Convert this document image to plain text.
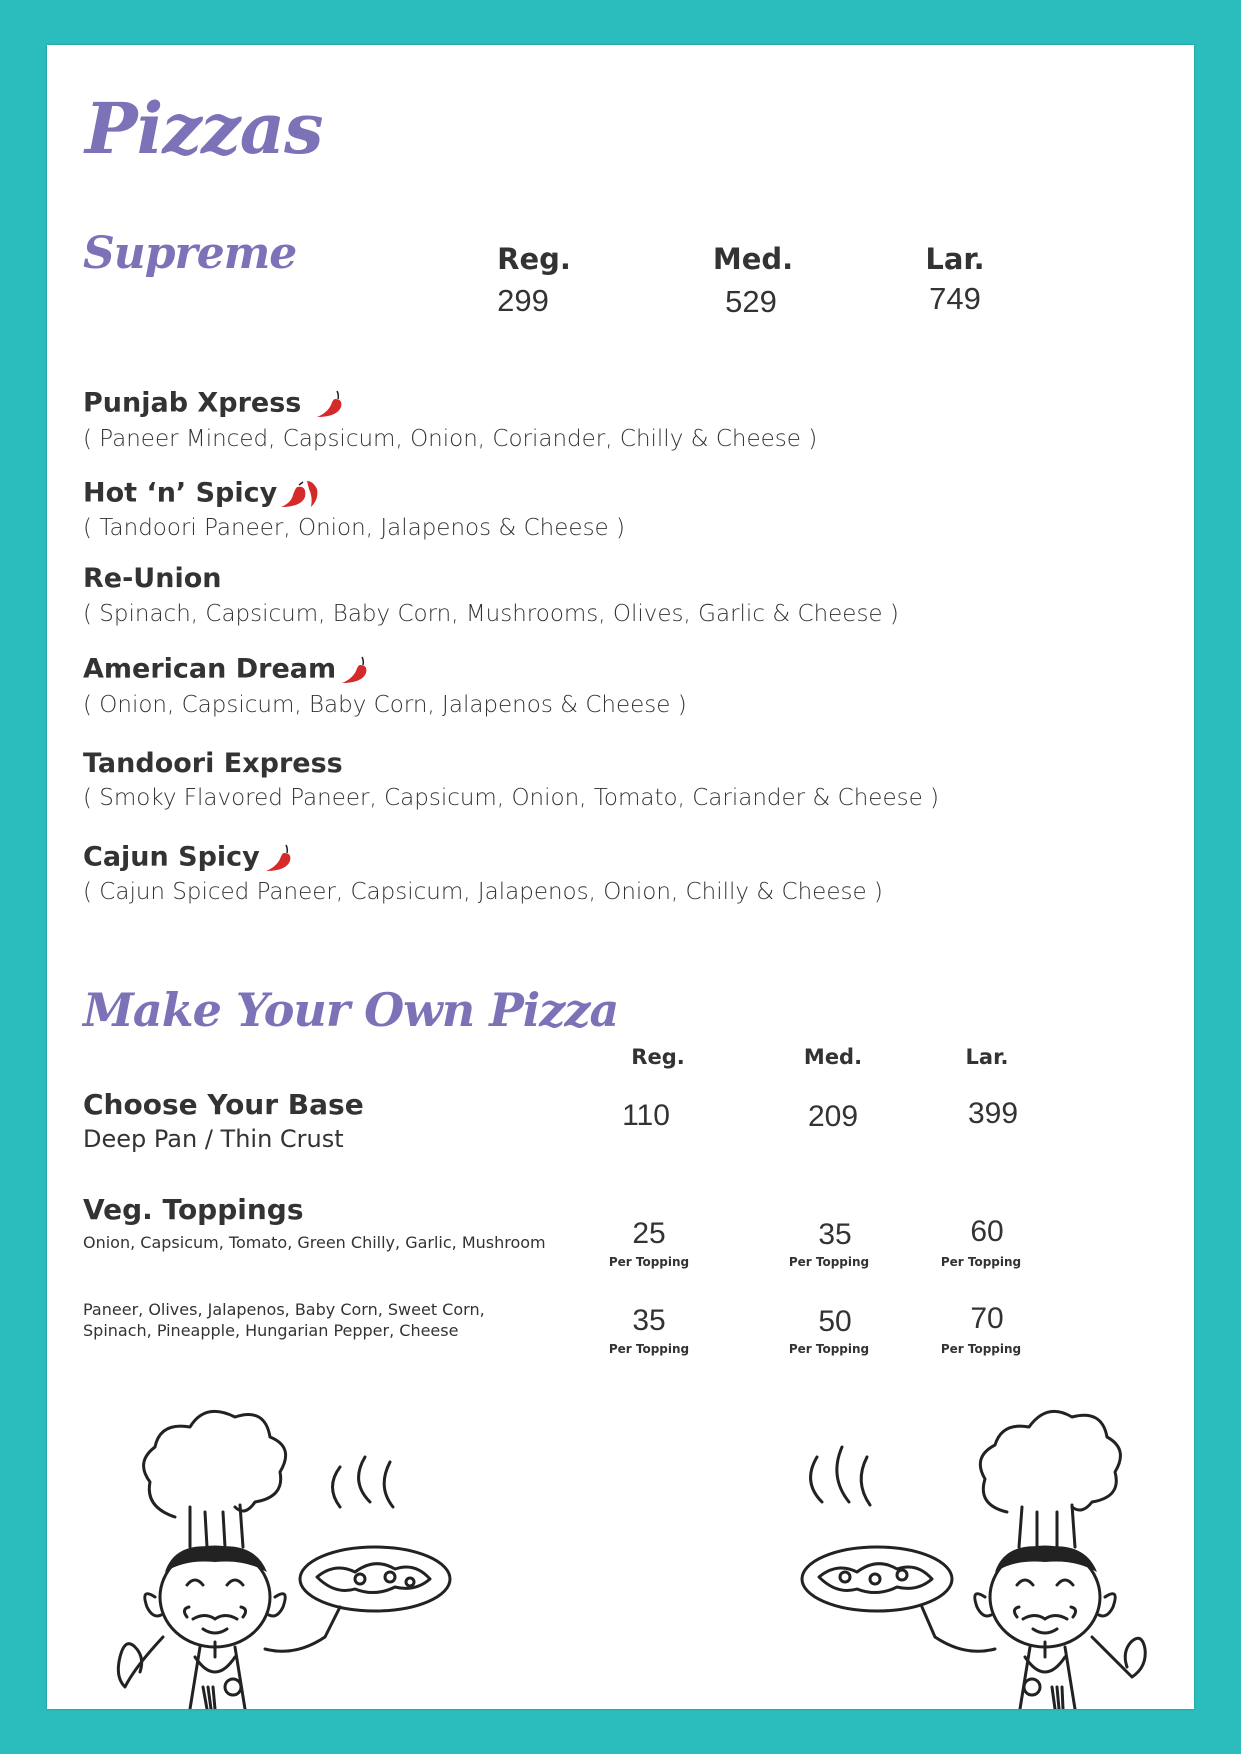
Pizzas
Supreme	Reg.	Med.	Lar.
299	529	749
Punjab Xpress
( Paneer Minced, Capsicum, Onion, Coriander, Chilly & Cheese )
Hot ‘n’ Spicy
( Tandoori Paneer, Onion, Jalapenos & Cheese )
Re-Union
( Spinach, Capsicum, Baby Corn, Mushrooms, Olives, Garlic & Cheese )
American Dream
( Onion, Capsicum, Baby Corn, Jalapenos & Cheese )
Tandoori Express
( Smoky Flavored Paneer, Capsicum, Onion, Tomato, Cariander & Cheese )
Cajun Spicy
( Cajun Spiced Paneer, Capsicum, Jalapenos, Onion, Chilly & Cheese )
Make Your Own Pizza
Reg.	Med.	Lar.
Choose Your Base
Deep Pan / Thin Crust
110	209	399
Veg. Toppings
Onion, Capsicum, Tomato, Green Chilly, Garlic, Mushroom	25	35	60
Per Topping	Per Topping	Per Topping
Paneer, Olives, Jalapenos, Baby Corn, Sweet Corn,
Spinach, Pineapple, Hungarian Pepper, Cheese	35	50	70
Per Topping	Per Topping	Per Topping
